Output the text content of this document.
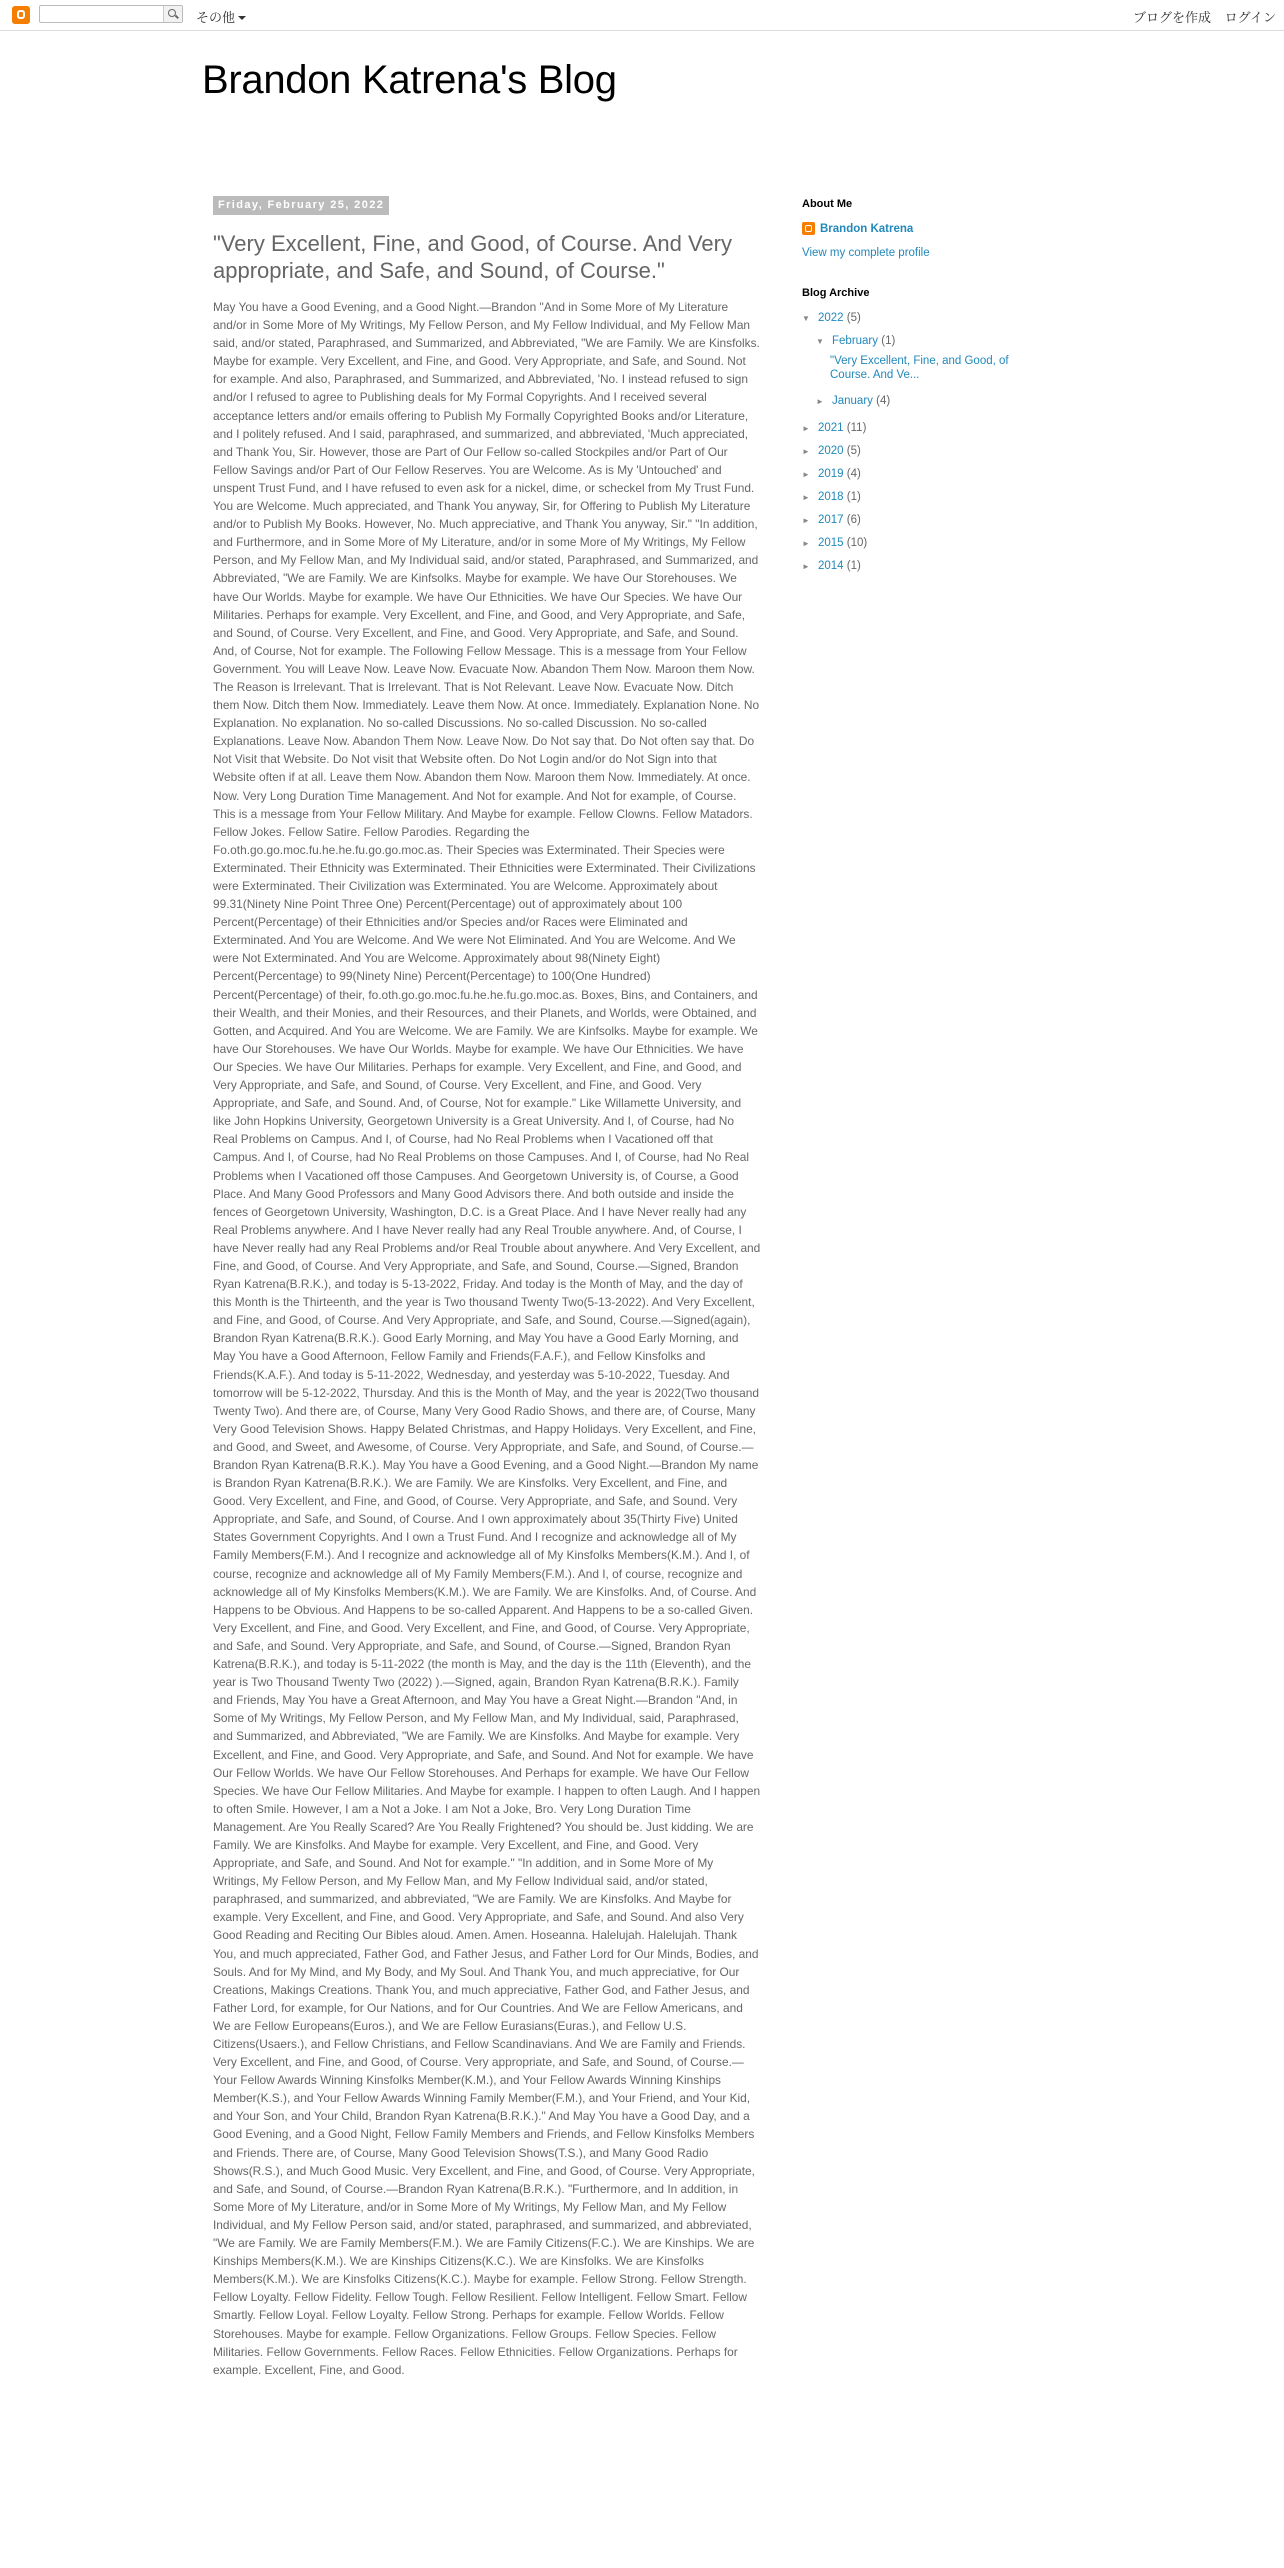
その他	ブログを作成 ログイン
Brandon Katrena's Blog
Friday, February 25, 2022
"Very Excellent, Fine, and Good, of Course. And Very appropriate, and Safe, and Sound, of Course."
May You have a Good Evening, and a Good Night.—Brandon "And in Some More of My Literature and/or in Some More of My Writings, My Fellow Person, and My Fellow Individual, and My Fellow Man said, and/or stated, Paraphrased, and Summarized, and Abbreviated, "We are Family. We are Kinsfolks. Maybe for example. Very Excellent, and Fine, and Good. Very Appropriate, and Safe, and Sound. Not for example. And also, Paraphrased, and Summarized, and Abbreviated, 'No. I instead refused to sign and/or I refused to agree to Publishing deals for My Formal Copyrights. And I received several acceptance letters and/or emails offering to Publish My Formally Copyrighted Books and/or Literature, and I politely refused. And I said, paraphrased, and summarized, and abbreviated, 'Much appreciated, and Thank You, Sir. However, those are Part of Our Fellow so-called Stockpiles and/or Part of Our Fellow Savings and/or Part of Our Fellow Reserves. You are Welcome. As is My 'Untouched' and unspent Trust Fund, and I have refused to even ask for a nickel, dime, or scheckel from My Trust Fund. You are Welcome. Much appreciated, and Thank You anyway, Sir, for Offering to Publish My Literature and/or to Publish My Books. However, No. Much appreciative, and Thank You anyway, Sir." "In addition, and Furthermore, and in Some More of My Literature, and/or in some More of My Writings, My Fellow Person, and My Fellow Man, and My Individual said, and/or stated, Paraphrased, and Summarized, and Abbreviated, "We are Family. We are Kinfsolks. Maybe for example. We have Our Storehouses. We have Our Worlds. Maybe for example. We have Our Ethnicities. We have Our Species. We have Our Militaries. Perhaps for example. Very Excellent, and Fine, and Good, and Very Appropriate, and Safe, and Sound, of Course. Very Excellent, and Fine, and Good. Very Appropriate, and Safe, and Sound. And, of Course, Not for example. The Following Fellow Message. This is a message from Your Fellow Government. You will Leave Now. Leave Now. Evacuate Now. Abandon Them Now. Maroon them Now. The Reason is Irrelevant. That is Irrelevant. That is Not Relevant. Leave Now. Evacuate Now. Ditch them Now. Ditch them Now. Immediately. Leave them Now. At once. Immediately. Explanation None. No Explanation. No explanation. No so-called Discussions. No so-called Discussion. No so-called Explanations. Leave Now. Abandon Them Now. Leave Now. Do Not say that. Do Not often say that. Do Not Visit that Website. Do Not visit that Website often. Do Not Login and/or do Not Sign into that Website often if at all. Leave them Now. Abandon them Now. Maroon them Now. Immediately. At once. Now. Very Long Duration Time Management. And Not for example. And Not for example, of Course. This is a message from Your Fellow Military. And Maybe for example. Fellow Clowns. Fellow Matadors. Fellow Jokes. Fellow Satire. Fellow Parodies. Regarding the Fo.oth.go.go.moc.fu.he.he.fu.go.go.moc.as. Their Species was Exterminated. Their Species were Exterminated. Their Ethnicity was Exterminated. Their Ethnicities were Exterminated. Their Civilizations were Exterminated. Their Civilization was Exterminated. You are Welcome. Approximately about 99.31(Ninety Nine Point Three One) Percent(Percentage) out of approximately about 100 Percent(Percentage) of their Ethnicities and/or Species and/or Races were Eliminated and Exterminated. And You are Welcome. And We were Not Eliminated. And You are Welcome. And We were Not Exterminated. And You are Welcome. Approximately about 98(Ninety Eight) Percent(Percentage) to 99(Ninety Nine) Percent(Percentage) to 100(One Hundred) Percent(Percentage) of their, fo.oth.go.go.moc.fu.he.he.fu.go.moc.as. Boxes, Bins, and Containers, and their Wealth, and their Monies, and their Resources, and their Planets, and Worlds, were Obtained, and Gotten, and Acquired. And You are Welcome. We are Family. We are Kinfsolks. Maybe for example. We have Our Storehouses. We have Our Worlds. Maybe for example. We have Our Ethnicities. We have Our Species. We have Our Militaries. Perhaps for example. Very Excellent, and Fine, and Good, and Very Appropriate, and Safe, and Sound, of Course. Very Excellent, and Fine, and Good. Very Appropriate, and Safe, and Sound. And, of Course, Not for example." Like Willamette University, and like John Hopkins University, Georgetown University is a Great University. And I, of Course, had No Real Problems on Campus. And I, of Course, had No Real Problems when I Vacationed off that Campus. And I, of Course, had No Real Problems on those Campuses. And I, of Course, had No Real Problems when I Vacationed off those Campuses. And Georgetown University is, of Course, a Good Place. And Many Good Professors and Many Good Advisors there. And both outside and inside the fences of Georgetown University, Washington, D.C. is a Great Place. And I have Never really had any Real Problems anywhere. And I have Never really had any Real Trouble anywhere. And, of Course, I have Never really had any Real Problems and/or Real Trouble about anywhere. And Very Excellent, and Fine, and Good, of Course. And Very Appropriate, and Safe, and Sound, Course.—Signed, Brandon Ryan Katrena(B.R.K.), and today is 5-13-2022, Friday. And today is the Month of May, and the day of this Month is the Thirteenth, and the year is Two thousand Twenty Two(5-13-2022). And Very Excellent, and Fine, and Good, of Course. And Very Appropriate, and Safe, and Sound, Course.—Signed(again), Brandon Ryan Katrena(B.R.K.). Good Early Morning, and May You have a Good Early Morning, and May You have a Good Afternoon, Fellow Family and Friends(F.A.F.), and Fellow Kinsfolks and Friends(K.A.F.). And today is 5-11-2022, Wednesday, and yesterday was 5-10-2022, Tuesday. And tomorrow will be 5-12-2022, Thursday. And this is the Month of May, and the year is 2022(Two thousand Twenty Two). And there are, of Course, Many Very Good Radio Shows, and there are, of Course, Many Very Good Television Shows. Happy Belated Christmas, and Happy Holidays. Very Excellent, and Fine, and Good, and Sweet, and Awesome, of Course. Very Appropriate, and Safe, and Sound, of Course.—Brandon Ryan Katrena(B.R.K.). May You have a Good Evening, and a Good Night.—Brandon My name is Brandon Ryan Katrena(B.R.K.). We are Family. We are Kinsfolks. Very Excellent, and Fine, and Good. Very Excellent, and Fine, and Good, of Course. Very Appropriate, and Safe, and Sound. Very Appropriate, and Safe, and Sound, of Course. And I own approximately about 35(Thirty Five) United States Government Copyrights. And I own a Trust Fund. And I recognize and acknowledge all of My Family Members(F.M.). And I recognize and acknowledge all of My Kinsfolks Members(K.M.). And I, of course, recognize and acknowledge all of My Family Members(F.M.). And I, of course, recognize and acknowledge all of My Kinsfolks Members(K.M.). We are Family. We are Kinsfolks. And, of Course. And Happens to be Obvious. And Happens to be so-called Apparent. And Happens to be a so-called Given. Very Excellent, and Fine, and Good. Very Excellent, and Fine, and Good, of Course. Very Appropriate, and Safe, and Sound. Very Appropriate, and Safe, and Sound, of Course.—Signed, Brandon Ryan Katrena(B.R.K.), and today is 5-11-2022 (the month is May, and the day is the 11th (Eleventh), and the year is Two Thousand Twenty Two (2022) ).—Signed, again, Brandon Ryan Katrena(B.R.K.). Family and Friends, May You have a Great Afternoon, and May You have a Great Night.—Brandon "And, in Some of My Writings, My Fellow Person, and My Fellow Man, and My Individual, said, Paraphrased, and Summarized, and Abbreviated, "We are Family. We are Kinsfolks. And Maybe for example. Very Excellent, and Fine, and Good. Very Appropriate, and Safe, and Sound. And Not for example. We have Our Fellow Worlds. We have Our Fellow Storehouses. And Perhaps for example. We have Our Fellow Species. We have Our Fellow Militaries. And Maybe for example. I happen to often Laugh. And I happen to often Smile. However, I am a Not a Joke. I am Not a Joke, Bro. Very Long Duration Time Management. Are You Really Scared? Are You Really Frightened? You should be. Just kidding. We are Family. We are Kinsfolks. And Maybe for example. Very Excellent, and Fine, and Good. Very Appropriate, and Safe, and Sound. And Not for example." "In addition, and in Some More of My Writings, My Fellow Person, and My Fellow Man, and My Fellow Individual said, and/or stated, paraphrased, and summarized, and abbreviated, "We are Family. We are Kinsfolks. And Maybe for example. Very Excellent, and Fine, and Good. Very Appropriate, and Safe, and Sound. And also Very Good Reading and Reciting Our Bibles aloud. Amen. Amen. Hoseanna. Halelujah. Halelujah. Thank You, and much appreciated, Father God, and Father Jesus, and Father Lord for Our Minds, Bodies, and Souls. And for My Mind, and My Body, and My Soul. And Thank You, and much appreciative, for Our Creations, Makings Creations. Thank You, and much appreciative, Father God, and Father Jesus, and Father Lord, for example, for Our Nations, and for Our Countries. And We are Fellow Americans, and We are Fellow Europeans(Euros.), and We are Fellow Eurasians(Euras.), and Fellow U.S. Citizens(Usaers.), and Fellow Christians, and Fellow Scandinavians. And We are Family and Friends. Very Excellent, and Fine, and Good, of Course. Very appropriate, and Safe, and Sound, of Course.—Your Fellow Awards Winning Kinsfolks Member(K.M.), and Your Fellow Awards Winning Kinships Member(K.S.), and Your Fellow Awards Winning Family Member(F.M.), and Your Friend, and Your Kid, and Your Son, and Your Child, Brandon Ryan Katrena(B.R.K.)." And May You have a Good Day, and a Good Evening, and a Good Night, Fellow Family Members and Friends, and Fellow Kinsfolks Members and Friends. There are, of Course, Many Good Television Shows(T.S.), and Many Good Radio Shows(R.S.), and Much Good Music. Very Excellent, and Fine, and Good, of Course. Very Appropriate, and Safe, and Sound, of Course.—Brandon Ryan Katrena(B.R.K.). "Furthermore, and In addition, in Some More of My Literature, and/or in Some More of My Writings, My Fellow Man, and My Fellow Individual, and My Fellow Person said, and/or stated, paraphrased, and summarized, and abbreviated, "We are Family. We are Family Members(F.M.). We are Family Citizens(F.C.). We are Kinships. We are Kinships Members(K.M.). We are Kinships Citizens(K.C.). We are Kinsfolks. We are Kinsfolks Members(K.M.). We are Kinsfolks Citizens(K.C.). Maybe for example. Fellow Strong. Fellow Strength. Fellow Loyalty. Fellow Fidelity. Fellow Tough. Fellow Resilient. Fellow Intelligent. Fellow Smart. Fellow Smartly. Fellow Loyal. Fellow Loyalty. Fellow Strong. Perhaps for example. Fellow Worlds. Fellow Storehouses. Maybe for example. Fellow Organizations. Fellow Groups. Fellow Species. Fellow Militaries. Fellow Governments. Fellow Races. Fellow Ethnicities. Fellow Organizations. Perhaps for example. Excellent, Fine, and Good.
About Me
Brandon Katrena
View my complete profile
Blog Archive
▼ 2022 (5)
▼ February (1)
"Very Excellent, Fine, and Good, of Course. And Ve...
► January (4)
► 2021 (11)
► 2020 (5)
► 2019 (4)
► 2018 (1)
► 2017 (6)
► 2015 (10)
► 2014 (1)
